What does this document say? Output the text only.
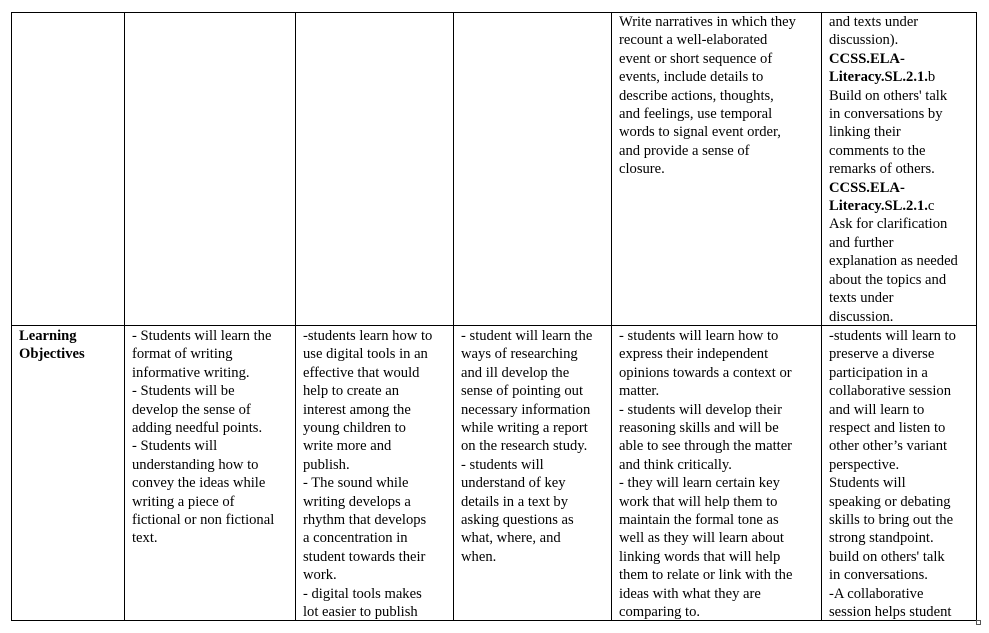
Write narratives in which they
recount a well-elaborated
event or short sequence of
events, include details to
describe actions, thoughts,
and feelings, use temporal
words to signal event order,
and provide a sense of
closure.
and texts under
discussion).
CCSS.ELA-
Literacy.SL.2.1.b
Build on others' talk
in conversations by
linking their
comments to the
remarks of others.
CCSS.ELA-
Literacy.SL.2.1.c
Ask for clarification
and further
explanation as needed
about the topics and
texts under
discussion.
Learning
Objectives
- Students will learn the
format of writing
informative writing.
- Students will be
develop the sense of
adding needful points.
- Students will
understanding how to
convey the ideas while
writing a piece of
fictional or non fictional
text.
-students learn how to
use digital tools in an
effective that would
help to create an
interest among the
young children to
write more and
publish.
- The sound while
writing develops a
rhythm that develops
a concentration in
student towards their
work.
- digital tools makes
lot easier to publish
- student will learn the
ways of researching
and ill develop the
sense of pointing out
necessary information
while writing a report
on the research study.
- students will
understand of key
details in a text by
asking questions as
what, where, and
when.
- students will learn how to
express their independent
opinions towards a context or
matter.
- students will develop their
reasoning skills and will be
able to see through the matter
and think critically.
- they will learn certain key
work that will help them to
maintain the formal tone as
well as they will learn about
linking words that will help
them to relate or link with the
ideas with what they are
comparing to.
-students will learn to
preserve a diverse
participation in a
collaborative session
and will learn to
respect and listen to
other other’s variant
perspective.
Students will
speaking or debating
skills to bring out the
strong standpoint.
build on others' talk
in conversations.
-A collaborative
session helps student
